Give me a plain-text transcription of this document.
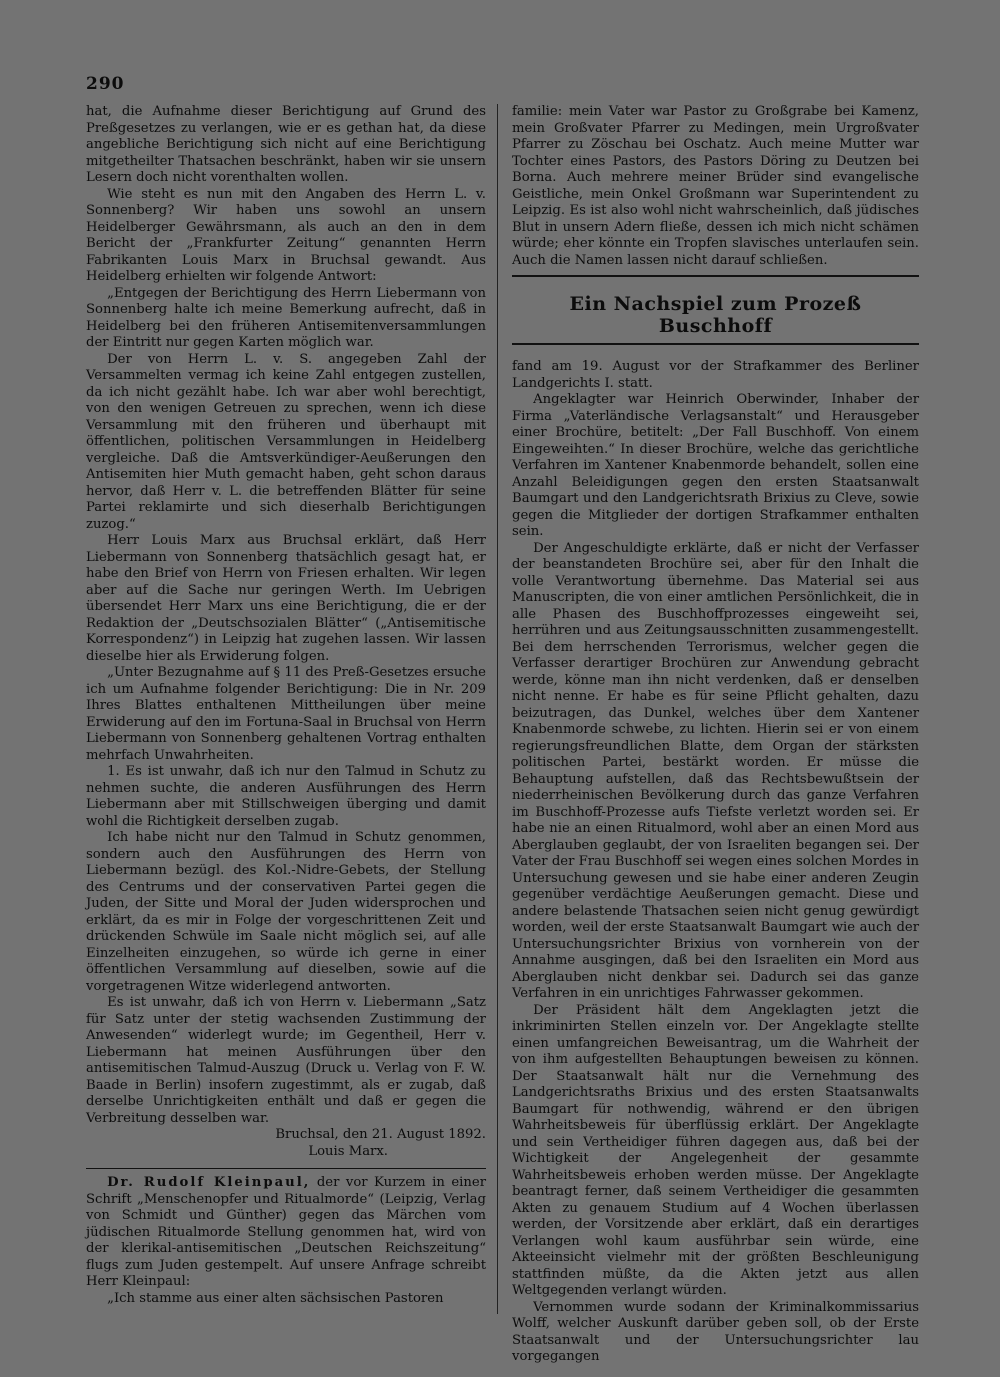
290

hat, die Aufnahme dieser Berichtigung auf Grund des Preßgesetzes zu verlangen, wie er es gethan hat, da diese angebliche Berichtigung sich nicht auf eine Berichtigung mitgetheilter Thatsachen beschränkt, haben wir sie unsern Lesern doch nicht vorenthalten wollen.

Wie steht es nun mit den Angaben des Herrn L. v. Sonnenberg? Wir haben uns sowohl an unsern Heidelberger Gewährsmann, als auch an den in dem Bericht der „Frankfurter Zeitung“ genannten Herrn Fabrikanten Louis Marx in Bruchsal gewandt. Aus Heidelberg erhielten wir folgende Antwort:

„Entgegen der Berichtigung des Herrn Liebermann von Sonnenberg halte ich meine Bemerkung aufrecht, daß in Heidelberg bei den früheren Antisemitenversammlungen der Eintritt nur gegen Karten möglich war.

Der von Herrn L. v. S. angegeben Zahl der Versammelten vermag ich keine Zahl entgegen zustellen, da ich nicht gezählt habe. Ich war aber wohl berechtigt, von den wenigen Getreuen zu sprechen, wenn ich diese Versammlung mit den früheren und überhaupt mit öffentlichen, politischen Versammlungen in Heidelberg vergleiche. Daß die Amtsverkündiger-Aeußerungen den Antisemiten hier Muth gemacht haben, geht schon daraus hervor, daß Herr v. L. die betreffenden Blätter für seine Partei reklamirte und sich dieserhalb Berichtigungen zuzog.“

Herr Louis Marx aus Bruchsal erklärt, daß Herr Liebermann von Sonnenberg thatsächlich gesagt hat, er habe den Brief von Herrn von Friesen erhalten. Wir legen aber auf die Sache nur geringen Werth. Im Uebrigen übersendet Herr Marx uns eine Berichtigung, die er der Redaktion der „Deutschsozialen Blätter“ („Antisemitische Korrespondenz“) in Leipzig hat zugehen lassen. Wir lassen dieselbe hier als Erwiderung folgen.

„Unter Bezugnahme auf § 11 des Preß-Gesetzes ersuche ich um Aufnahme folgender Berichtigung: Die in Nr. 209 Ihres Blattes enthaltenen Mittheilungen über meine Erwiderung auf den im Fortuna-Saal in Bruchsal von Herrn Liebermann von Sonnenberg gehaltenen Vortrag enthalten mehrfach Unwahrheiten.

1. Es ist unwahr, daß ich nur den Talmud in Schutz zu nehmen suchte, die anderen Ausführungen des Herrn Liebermann aber mit Stillschweigen überging und damit wohl die Richtigkeit derselben zugab.

Ich habe nicht nur den Talmud in Schutz genommen, sondern auch den Ausführungen des Herrn von Liebermann bezügl. des Kol.-Nidre-Gebets, der Stellung des Centrums und der conservativen Partei gegen die Juden, der Sitte und Moral der Juden widersprochen und erklärt, da es mir in Folge der vorgeschrittenen Zeit und drückenden Schwüle im Saale nicht möglich sei, auf alle Einzelheiten einzugehen, so würde ich gerne in einer öffentlichen Versammlung auf dieselben, sowie auf die vorgetragenen Witze widerlegend antworten.

Es ist unwahr, daß ich von Herrn v. Liebermann „Satz für Satz unter der stetig wachsenden Zustimmung der Anwesenden“ widerlegt wurde; im Gegentheil, Herr v. Liebermann hat meinen Ausführungen über den antisemitischen Talmud-Auszug (Druck u. Verlag von F. W. Baade in Berlin) insofern zugestimmt, als er zugab, daß derselbe Unrichtigkeiten enthält und daß er gegen die Verbreitung desselben war.

Bruchsal, den 21. August 1892.

Louis Marx.

Dr. Rudolf Kleinpaul, der vor Kurzem in einer Schrift „Menschenopfer und Ritualmorde“ (Leipzig, Verlag von Schmidt und Günther) gegen das Märchen vom jüdischen Ritualmorde Stellung genommen hat, wird von der klerikal-antisemitischen „Deutschen Reichszeitung“ flugs zum Juden gestempelt. Auf unsere Anfrage schreibt Herr Kleinpaul:

„Ich stamme aus einer alten sächsischen Pastoren

familie: mein Vater war Pastor zu Großgrabe bei Kamenz, mein Großvater Pfarrer zu Medingen, mein Urgroßvater Pfarrer zu Zöschau bei Oschatz. Auch meine Mutter war Tochter eines Pastors, des Pastors Döring zu Deutzen bei Borna. Auch mehrere meiner Brüder sind evangelische Geistliche, mein Onkel Großmann war Superintendent zu Leipzig. Es ist also wohl nicht wahrscheinlich, daß jüdisches Blut in unsern Adern fließe, dessen ich mich nicht schämen würde; eher könnte ein Tropfen slavisches unterlaufen sein. Auch die Namen lassen nicht darauf schließen.

Ein Nachspiel zum Prozeß Buschhoff

fand am 19. August vor der Strafkammer des Berliner Landgerichts I. statt.

Angeklagter war Heinrich Oberwinder, Inhaber der Firma „Vaterländische Verlagsanstalt“ und Herausgeber einer Brochüre, betitelt: „Der Fall Buschhoff. Von einem Eingeweihten.“ In dieser Brochüre, welche das gerichtliche Verfahren im Xantener Knabenmorde behandelt, sollen eine Anzahl Beleidigungen gegen den ersten Staatsanwalt Baumgart und den Landgerichtsrath Brixius zu Cleve, sowie gegen die Mitglieder der dortigen Strafkammer enthalten sein.

Der Angeschuldigte erklärte, daß er nicht der Verfasser der beanstandeten Brochüre sei, aber für den Inhalt die volle Verantwortung übernehme. Das Material sei aus Manuscripten, die von einer amtlichen Persönlichkeit, die in alle Phasen des Buschhoffprozesses eingeweiht sei, herrühren und aus Zeitungsausschnitten zusammengestellt. Bei dem herrschenden Terrorismus, welcher gegen die Verfasser derartiger Brochüren zur Anwendung gebracht werde, könne man ihn nicht verdenken, daß er denselben nicht nenne. Er habe es für seine Pflicht gehalten, dazu beizutragen, das Dunkel, welches über dem Xantener Knabenmorde schwebe, zu lichten. Hierin sei er von einem regierungsfreundlichen Blatte, dem Organ der stärksten politischen Partei, bestärkt worden. Er müsse die Behauptung aufstellen, daß das Rechtsbewußtsein der niederrheinischen Bevölkerung durch das ganze Verfahren im Buschhoff-Prozesse aufs Tiefste verletzt worden sei. Er habe nie an einen Ritualmord, wohl aber an einen Mord aus Aberglauben geglaubt, der von Israeliten begangen sei. Der Vater der Frau Buschhoff sei wegen eines solchen Mordes in Untersuchung gewesen und sie habe einer anderen Zeugin gegenüber verdächtige Aeußerungen gemacht. Diese und andere belastende Thatsachen seien nicht genug gewürdigt worden, weil der erste Staatsanwalt Baumgart wie auch der Untersuchungsrichter Brixius von vornherein von der Annahme ausgingen, daß bei den Israeliten ein Mord aus Aberglauben nicht denkbar sei. Dadurch sei das ganze Verfahren in ein unrichtiges Fahrwasser gekommen.

Der Präsident hält dem Angeklagten jetzt die inkriminirten Stellen einzeln vor. Der Angeklagte stellte einen umfangreichen Beweisantrag, um die Wahrheit der von ihm aufgestellten Behauptungen beweisen zu können. Der Staatsanwalt hält nur die Vernehmung des Landgerichtsraths Brixius und des ersten Staatsanwalts Baumgart für nothwendig, während er den übrigen Wahrheitsbeweis für überflüssig erklärt. Der Angeklagte und sein Vertheidiger führen dagegen aus, daß bei der Wichtigkeit der Angelegenheit der gesammte Wahrheitsbeweis erhoben werden müsse. Der Angeklagte beantragt ferner, daß seinem Vertheidiger die gesammten Akten zu genauem Studium auf 4 Wochen überlassen werden, der Vorsitzende aber erklärt, daß ein derartiges Verlangen wohl kaum ausführbar sein würde, eine Akteeinsicht vielmehr mit der größten Beschleunigung stattfinden müßte, da die Akten jetzt aus allen Weltgegenden verlangt würden.

Vernommen wurde sodann der Kriminalkommissarius Wolff, welcher Auskunft darüber geben soll, ob der Erste Staatsanwalt und der Untersuchungsrichter lau vorgegangen
